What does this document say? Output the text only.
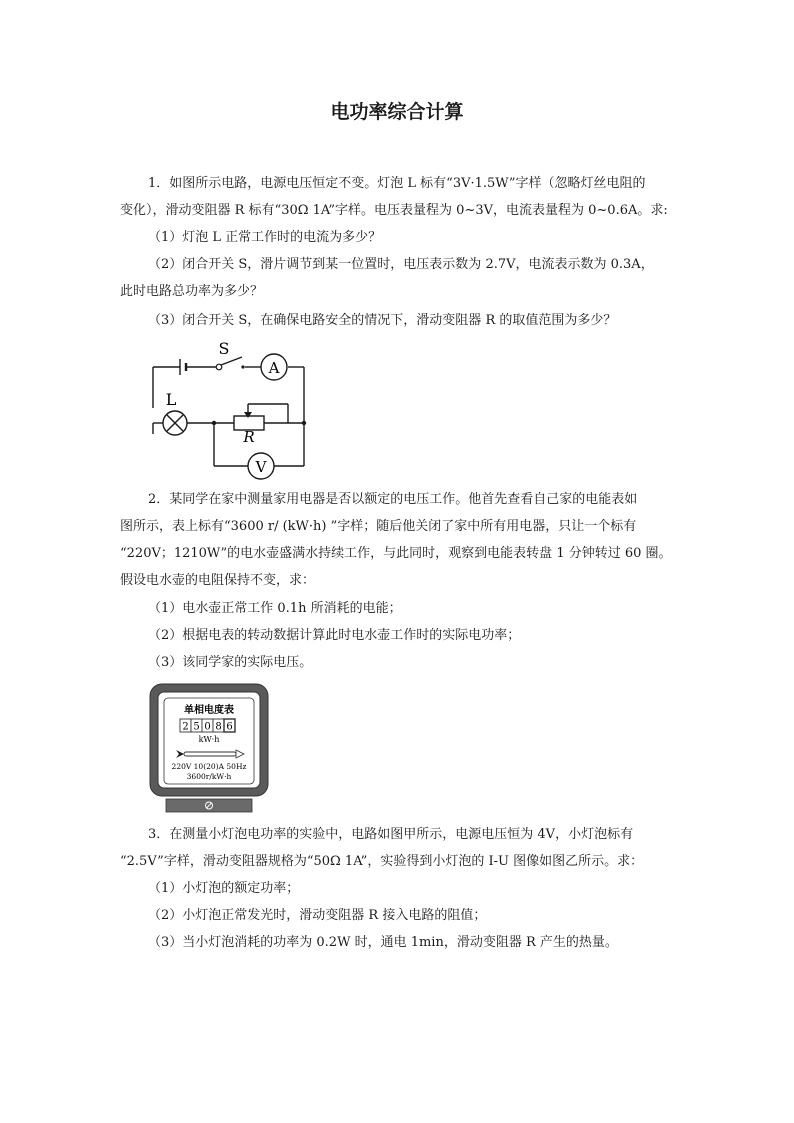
电功率综合计算
1．如图所示电路，电源电压恒定不变。灯泡 L 标有“3V·1.5W”字样（忽略灯丝电阻的
变化），滑动变阻器 R 标有“30Ω 1A”字样。电压表量程为 0~3V，电流表量程为 0~0.6A。求:
（1）灯泡 L 正常工作时的电流为多少？
（2）闭合开关 S，滑片调节到某一位置时，电压表示数为 2.7V，电流表示数为 0.3A，
此时电路总功率为多少？
（3）闭合开关 S，在确保电路安全的情况下，滑动变阻器 R 的取值范围为多少？
S
A
L
R
V
2．某同学在家中测量家用电器是否以额定的电压工作。他首先查看自己家的电能表如
图所示，表上标有“3600 r/ (kW·h) ”字样；随后他关闭了家中所有用电器，只让一个标有
“220V；1210W”的电水壶盛满水持续工作，与此同时，观察到电能表转盘 1 分钟转过 60 圈。
假设电水壶的电阻保持不变，求：
（1）电水壶正常工作 0.1h 所消耗的电能；
（2）根据电表的转动数据计算此时电水壶工作时的实际电功率；
（3）该同学家的实际电压。
单相电度表
2 5 0 8 6
kW·h
220V 10(20)A 50Hz
3600r/kW·h
3．在测量小灯泡电功率的实验中，电路如图甲所示，电源电压恒为 4V，小灯泡标有
“2.5V”字样，滑动变阻器规格为“50Ω 1A”，实验得到小灯泡的 I-U 图像如图乙所示。求：
（1）小灯泡的额定功率；
（2）小灯泡正常发光时，滑动变阻器 R 接入电路的阻值；
（3）当小灯泡消耗的功率为 0.2W 时，通电 1min，滑动变阻器 R 产生的热量。
